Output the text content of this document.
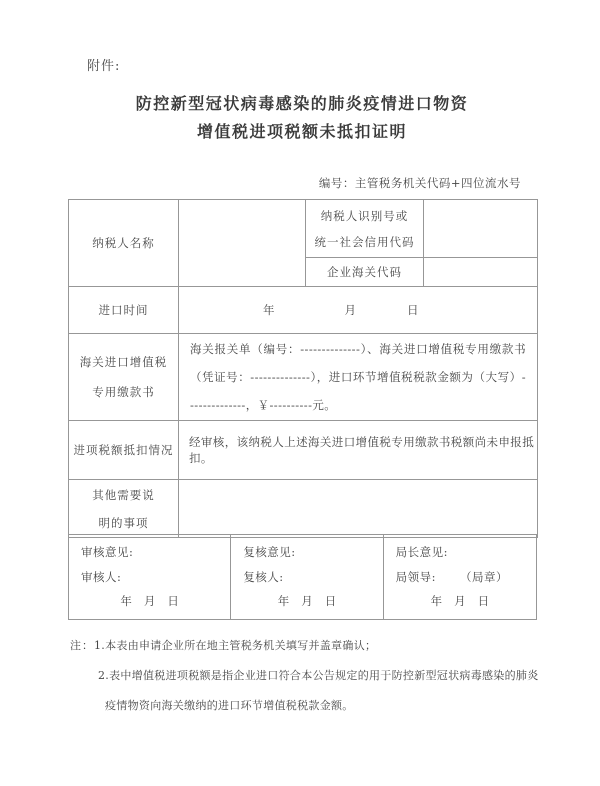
附件:
防控新型冠状病毒感染的肺炎疫情进口物资
增值税进项税额未抵扣证明
编号：主管税务机关代码+四位流水号
纳税人名称		纳税人识别号或
统一社会信用代码	

		企业海关代码	
进口时间	年 月 日		

海关进口增值税
专用缴款书	海关报关单（编号：--------------）、海关进口增值税专用缴款书（凭证号：--------------），进口环节增值税税款金额为（大写）--------------，￥----------元。		

进项税额抵扣情况	经审核，该纳税人上述海关进口增值税专用缴款书税额尚未申报抵扣。		

其他需要说
明的事项			

审核意见:
审核人:
年 月 日
复核意见:
复核人:
年 月 日
局长意见:
局领导: （局章）
年 月 日
注：1.本表由申请企业所在地主管税务机关填写并盖章确认；
2.表中增值税进项税额是指企业进口符合本公告规定的用于防控新型冠状病毒感染的肺炎疫情物资向海关缴纳的进口环节增值税税款金额。
